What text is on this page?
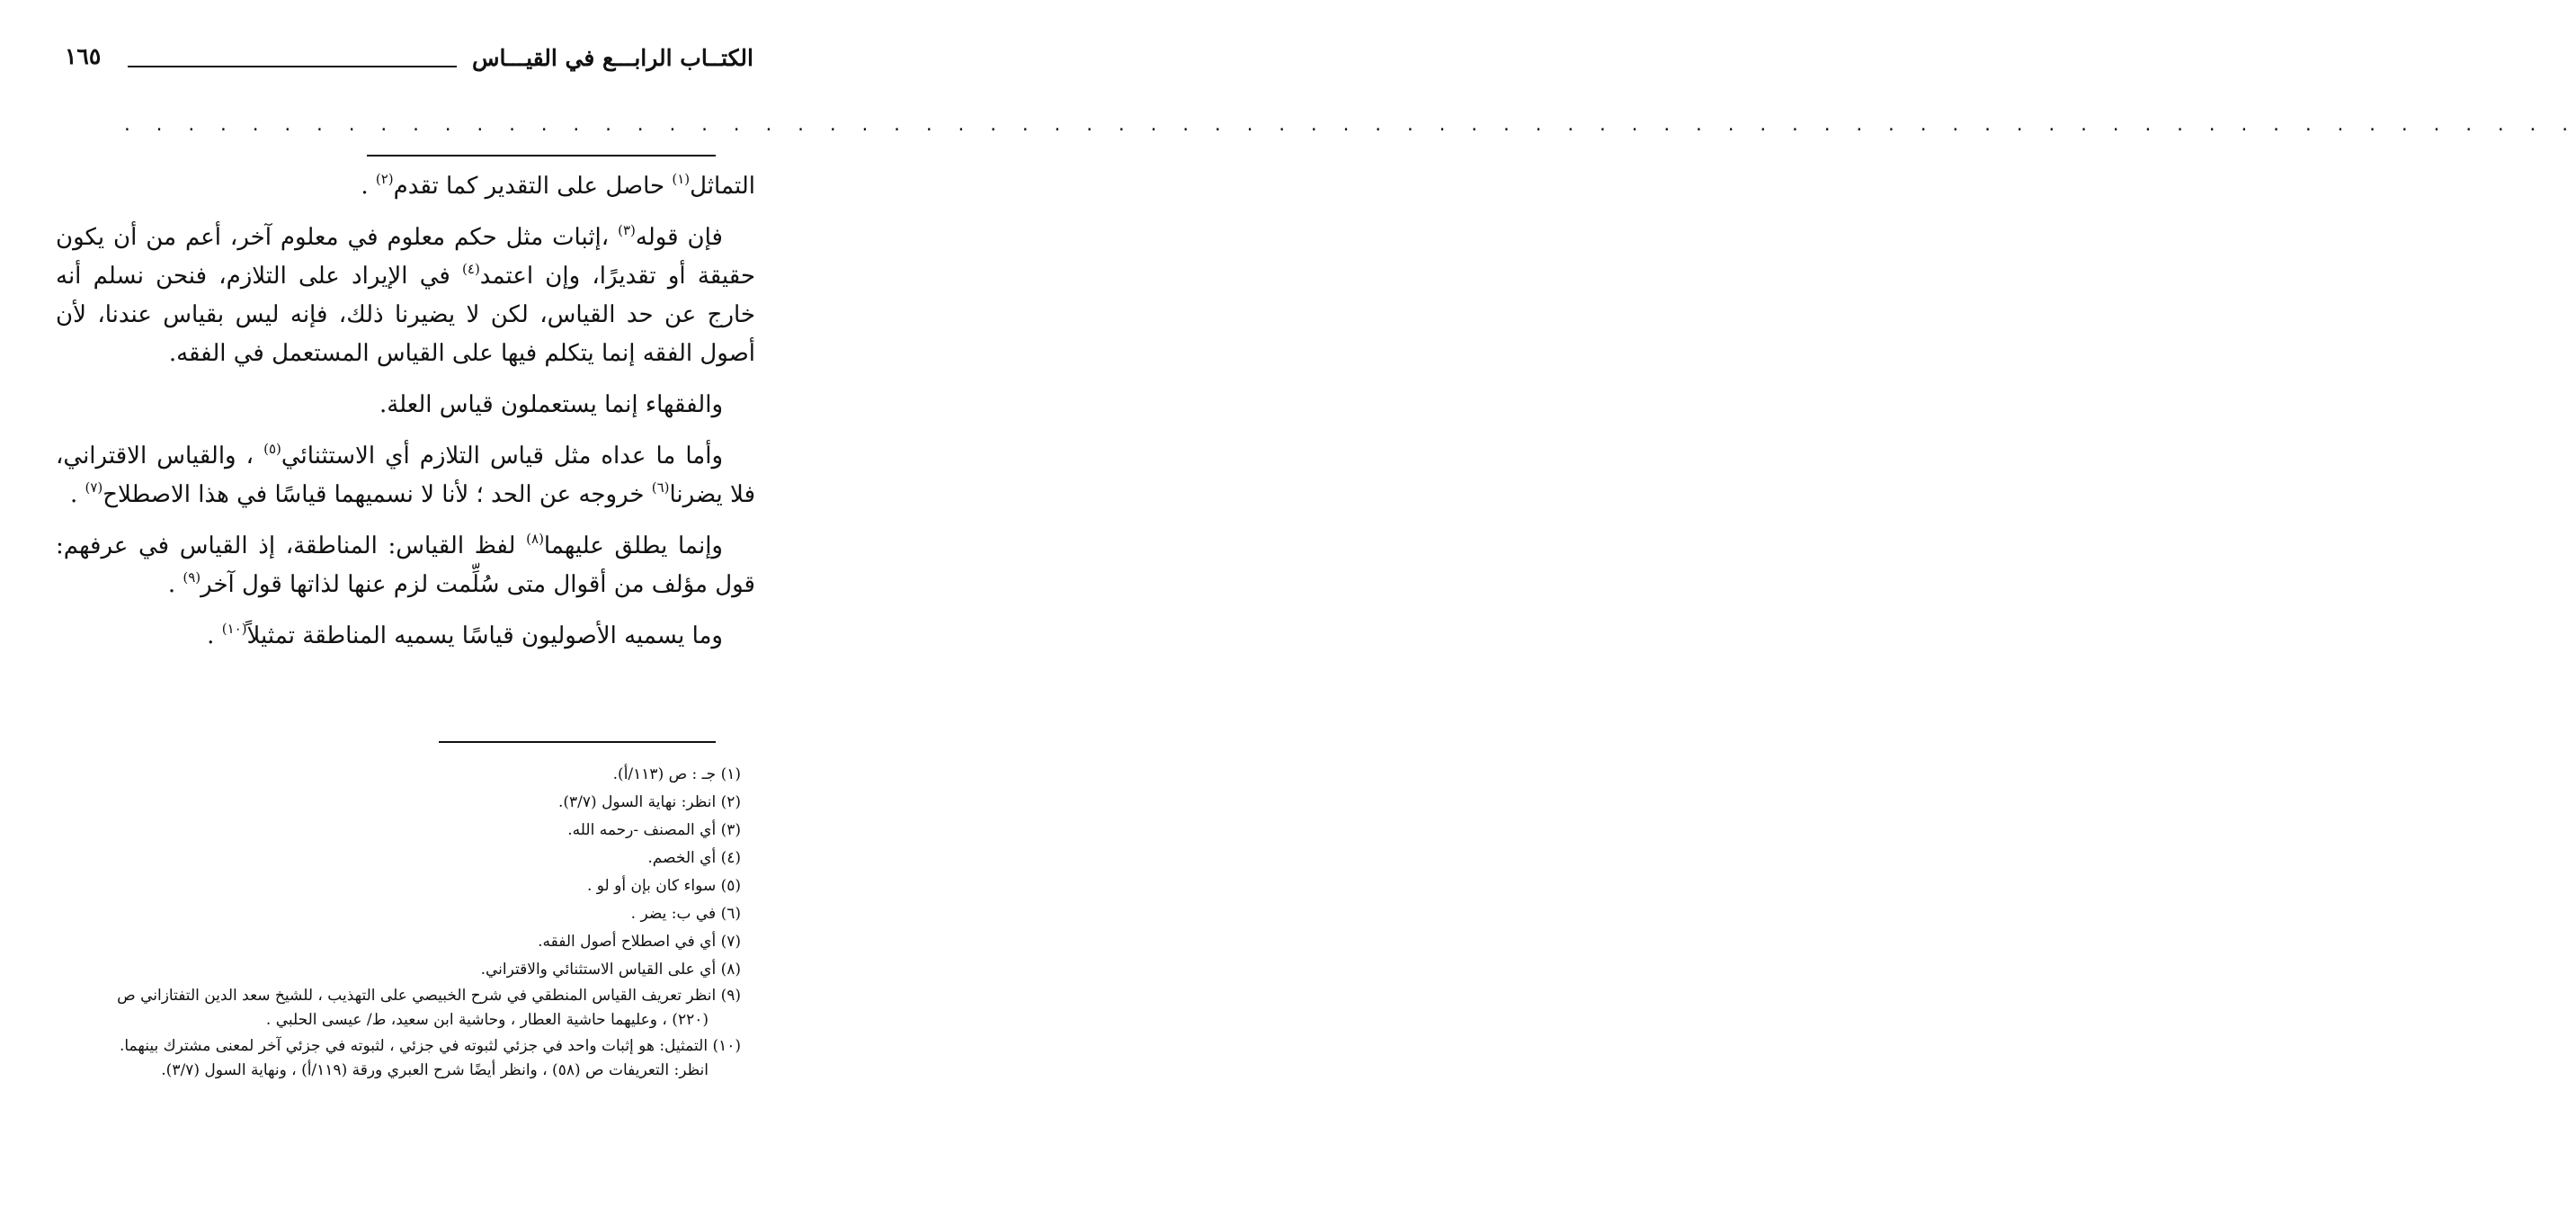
الكتــاب الرابـــع في القيـــاس
١٦٥
. . . . . . . . . . . . . . . . . . . . . . . . . . . . . . . . . . . . . . . . . . . . . . . . . . . . . . . . . . . . . . . . . . . . . . . . . . . . .

التماثل$^{(١)}$ حاصل على التقدير كما تقدم$^{(٢)}$ .

فإن قوله$^{(٣)}$ ،إثبات مثل حكم معلوم في معلوم آخر، أعم من أن يكون حقيقة أو تقديرًا، وإن اعتمد$^{(٤)}$ في الإيراد على التلازم، فنحن نسلم أنه خارج عن حد القياس، لكن لا يضيرنا ذلك، فإنه ليس بقياس عندنا، لأن أصول الفقه إنما يتكلم فيها على القياس المستعمل في الفقه.

والفقهاء إنما يستعملون قياس العلة.

وأما ما عداه مثل قياس التلازم أي الاستثنائي$^{(٥)}$ ، والقياس الاقتراني، فلا يضرنا$^{(٦)}$ خروجه عن الحد ؛ لأنا لا نسميهما قياسًا في هذا الاصطلاح$^{(٧)}$ .

وإنما يطلق عليهما$^{(٨)}$ لفظ القياس: المناطقة، إذ القياس في عرفهم: قول مؤلف من أقوال متى سُلِّمت لزم عنها لذاتها قول آخر$^{(٩)}$ .

وما يسميه الأصوليون قياسًا يسميه المناطقة تمثيلاً$^{(١٠)}$ .

(١) جـ : ص (١١٣/أ).

(٢) انظر: نهاية السول (٣/٧).

(٣) أي المصنف -رحمه الله.

(٤) أي الخصم.

(٥) سواء كان بإن أو لو .

(٦) في ب: يضر .

(٧) أي في اصطلاح أصول الفقه.

(٨) أي على القياس الاستثنائي والاقتراني.

(٩) انظر تعريف القياس المنطقي في شرح الخبيصي على التهذيب ، للشيخ سعد الدين التفتازاني ص
(٢٢٠) ، وعليهما حاشية العطار ، وحاشية ابن سعيد، ط/ عيسى الحلبي .

(١٠) التمثيل: هو إثبات واحد في جزئي لثبوته في جزئي ، لثبوته في جزئي آخر لمعنى مشترك بينهما.
انظر: التعريفات ص (٥٨) ، وانظر أيضًا شرح العبري ورقة (١١٩/أ) ، ونهاية السول (٣/٧).
